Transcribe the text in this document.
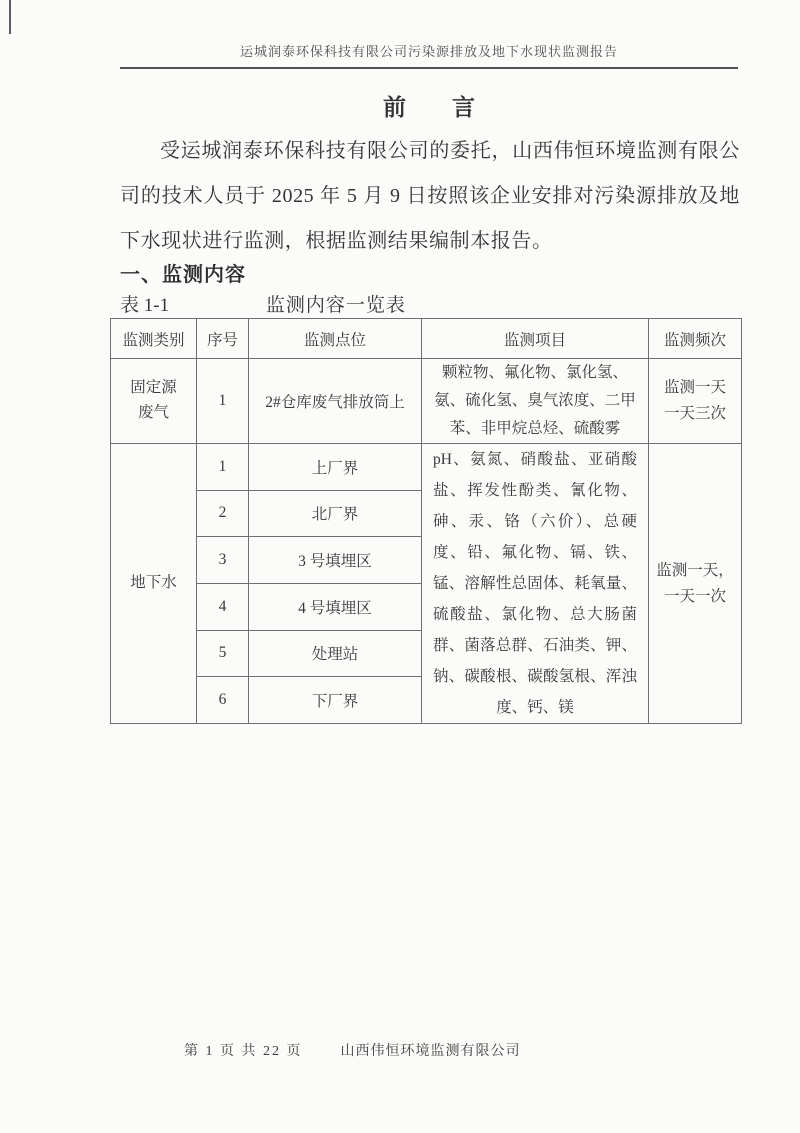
运城润泰环保科技有限公司污染源排放及地下水现状监测报告
前　　言

受运城润泰环保科技有限公司的委托，山西伟恒环境监测有限公司的技术人员于 2025 年 5 月 9 日按照该企业安排对污染源排放及地下水现状进行监测，根据监测结果编制本报告。

一、监测内容
表 1-1	监测内容一览表
监测类别	序号	监测点位	监测项目	监测频次
固定源废气	1	2#仓库废气排放筒上	颗粒物、氟化物、氯化氢、氨、硫化氢、臭气浓度、二甲苯、非甲烷总烃、硫酸雾	监测一天
一天三次

地下水	1	上厂界	pH、氨氮、硝酸盐、亚硝酸盐、挥发性酚类、氰化物、砷、汞、铬（六价）、总硬度、铅、氟化物、镉、铁、锰、溶解性总固体、耗氧量、硫酸盐、氯化物、总大肠菌群、菌落总群、石油类、钾、钠、碳酸根、碳酸氢根、浑浊度、钙、镁	监测一天，
一天一次

	2	北厂界		
	3	3 号填埋区		
	4	4 号填埋区		
	5	处理站		
	6	下厂界		
第 1 页 共 22 页	山西伟恒环境监测有限公司
